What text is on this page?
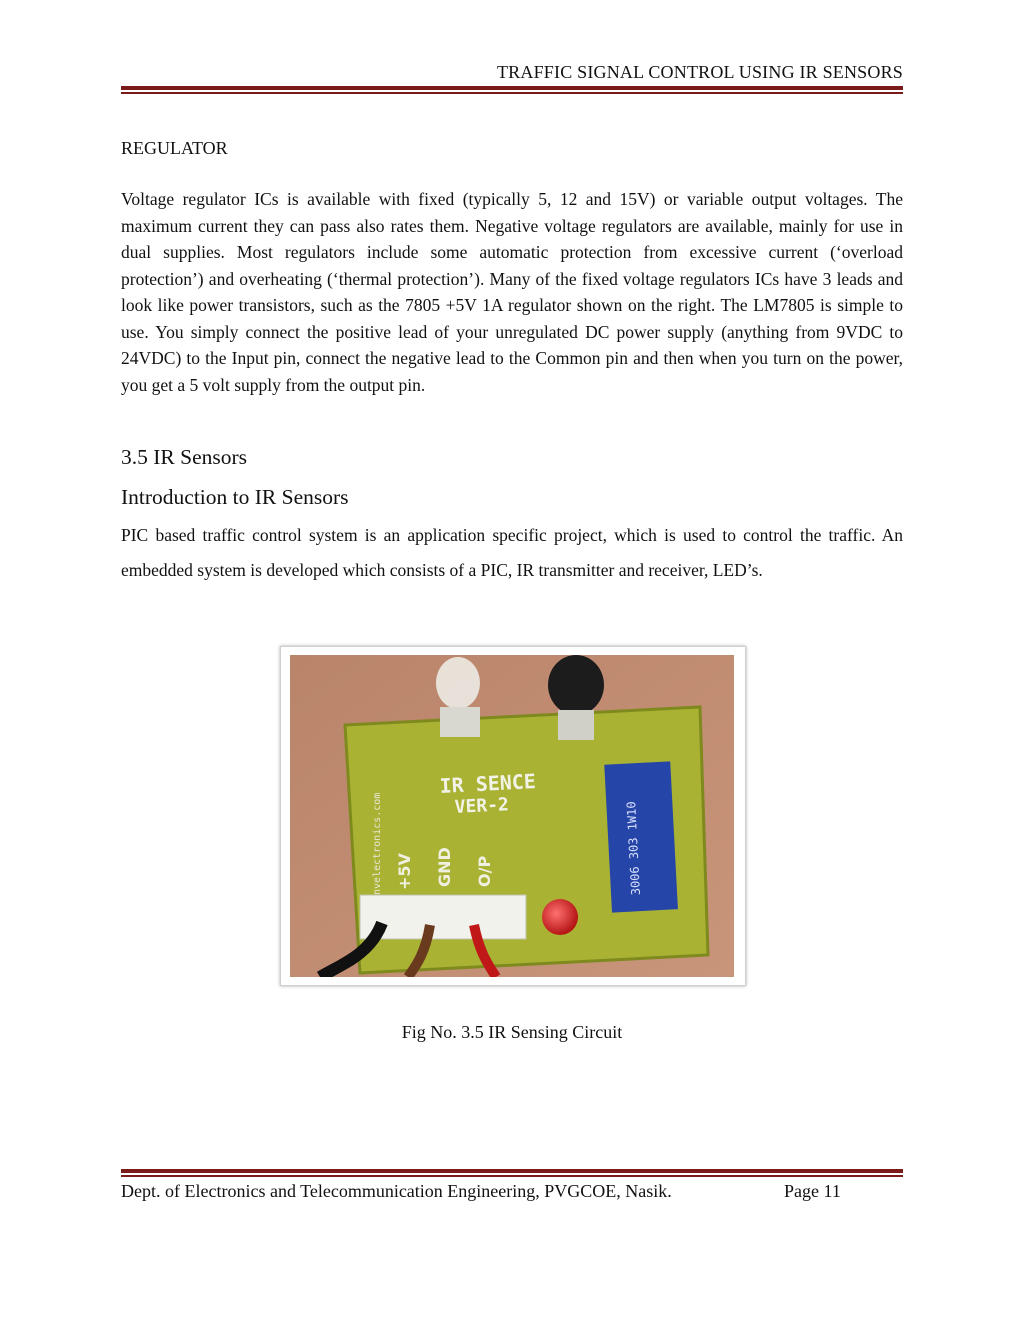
TRAFFIC SIGNAL CONTROL USING IR SENSORS
REGULATOR

Voltage regulator ICs is available with fixed (typically 5, 12 and 15V) or variable output voltages. The maximum current they can pass also rates them. Negative voltage regulators are available, mainly for use in dual supplies. Most regulators include some automatic protection from excessive current (‘overload protection’) and overheating (‘thermal protection’). Many of the fixed voltage regulators ICs have 3 leads and look like power transistors, such as the 7805 +5V 1A regulator shown on the right. The LM7805 is simple to use. You simply connect the positive lead of your unregulated DC power supply (anything from 9VDC to 24VDC) to the Input pin, connect the negative lead to the Common pin and then when you turn on the power, you get a 5 volt supply from the output pin.

3.5 IR Sensors
Introduction to IR Sensors

PIC based traffic control system is an application specific project, which is used to control the traffic. An embedded system is developed which consists of a PIC, IR transmitter and receiver, LED’s.

IR SENCE
VER-2
nvelectronics.com	3006 303 1W10
+5V GND O/P
Fig No. 3.5 IR Sensing Circuit
Dept. of Electronics and Telecommunication Engineering, PVGCOE, Nasik.	Page 11
